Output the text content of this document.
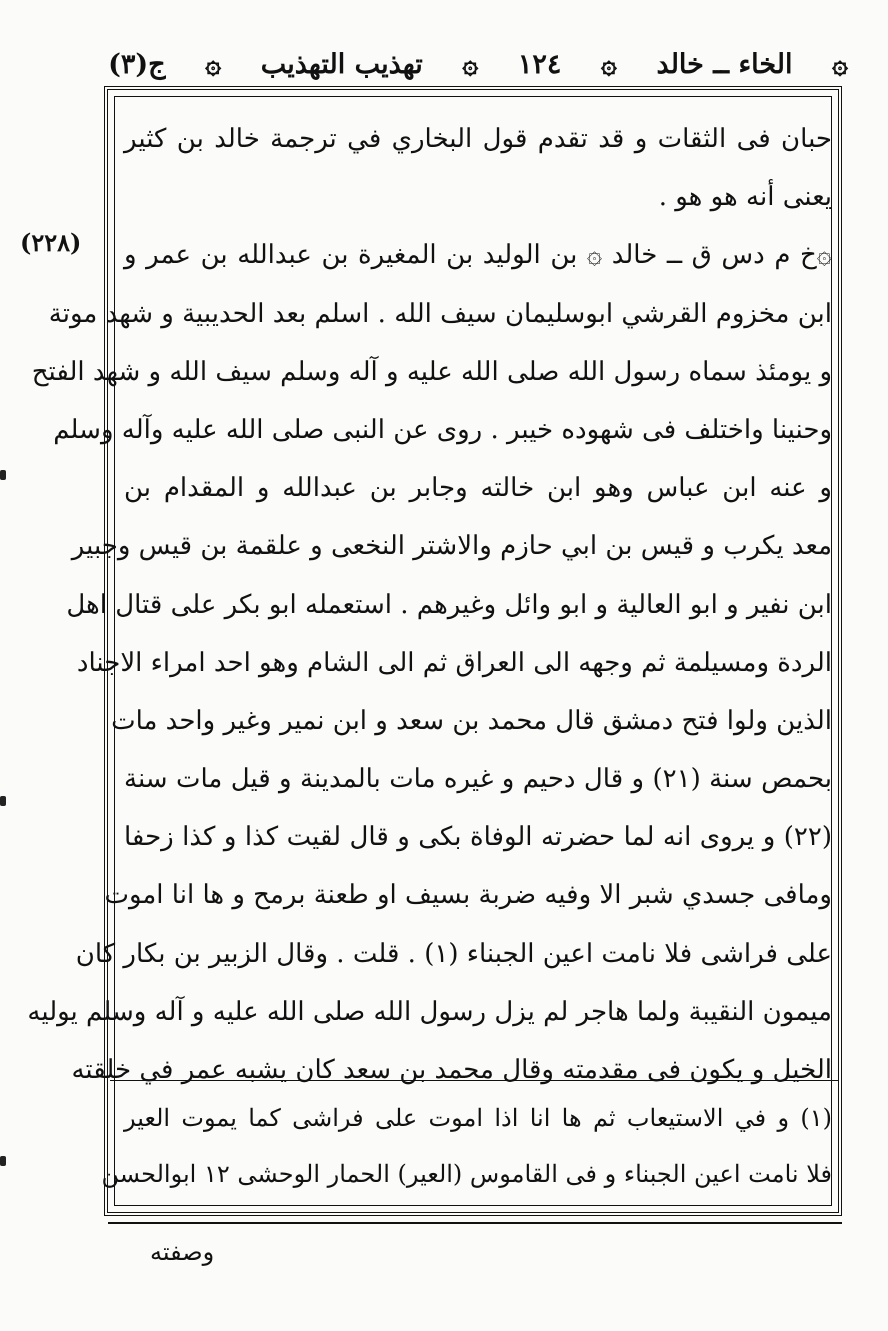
ج(٣) ۞ تهذيب التهذيب ۞ ١٢٤ ۞ الخاء ــ خالد ۞
(٢٢٨)
حبان فی الثقات و قد تقدم قول البخاري في ترجمة خالد بن كثير
يعنی أنه هو هو .
۞خ م دس ق ــ خالد ۞ بن الوليد بن المغيرة بن عبدالله بن عمر و
ابن مخزوم القرشي ابوسليمان سيف الله . اسلم بعد الحديبية و شهد موتة
و يومئذ سماه رسول الله صلى الله عليه و آله وسلم سيف الله و شهد الفتح
وحنينا واختلف فی شهوده خيبر . روى عن النبی صلی الله عليه وآله وسلم
و عنه ابن عباس وهو ابن خالته وجابر بن عبدالله و المقدام بن
معد يكرب و قيس بن ابي حازم والاشتر النخعی و علقمة بن قيس وجبير
ابن نفير و ابو العالية و ابو وائل وغيرهم . استعمله ابو بكر على قتال اهل
الردة ومسيلمة ثم وجهه الى العراق ثم الى الشام وهو احد امراء الاجناد
الذين ولوا فتح دمشق قال محمد بن سعد و ابن نمير وغير واحد مات
بحمص سنة (٢١) و قال دحيم و غيره مات بالمدينة و قيل مات سنة
(٢٢) و يروى انه لما حضرته الوفاة بكى و قال لقيت كذا و كذا زحفا
ومافی جسدي شبر الا وفيه ضربة بسيف او طعنة برمح و ها انا اموت
على فراشی فلا نامت اعين الجبناء (١) . قلت . وقال الزبير بن بكار كان
ميمون النقيبة ولما هاجر لم يزل رسول الله صلى الله عليه و آله وسلم يوليه
الخيل و يكون فی مقدمته وقال محمد بن سعد كان يشبه عمر في خلقته
(١) و في الاستيعاب ثم ها انا اذا اموت على فراشی كما يموت العير
فلا نامت اعين الجبناء و فی القاموس (العير) الحمار الوحشی ١٢ ابوالحسن
وصفته
